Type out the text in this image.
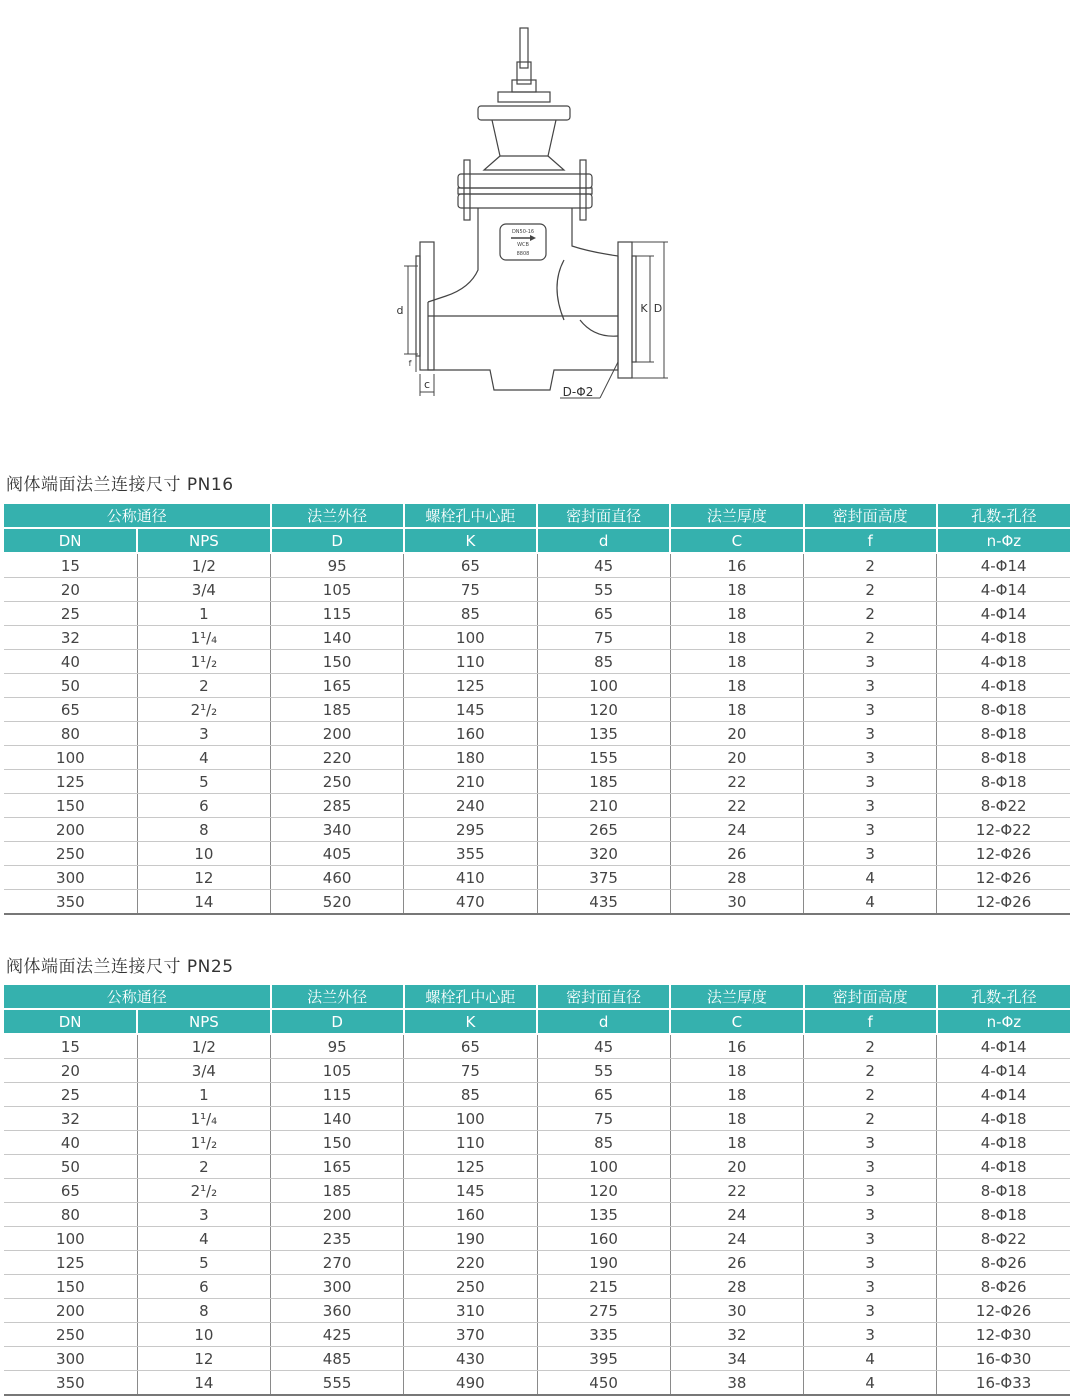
DN50-16
WCB
8808
d
f
c
K D
D-Φ2
阀体端面法兰连接尺寸 PN16
公称通径		法兰外径	螺栓孔中心距	密封面直径	法兰厚度	密封面高度	孔数-孔径
DN	NPS	D	K	d	C	f	n-Φz
15	1/2	95	65	45	16	2	4-Φ14
20	3/4	105	75	55	18	2	4-Φ14
25	1	115	85	65	18	2	4-Φ14
32	1¹/₄	140	100	75	18	2	4-Φ18
40	1¹/₂	150	110	85	18	3	4-Φ18
50	2	165	125	100	18	3	4-Φ18
65	2¹/₂	185	145	120	18	3	8-Φ18
80	3	200	160	135	20	3	8-Φ18
100	4	220	180	155	20	3	8-Φ18
125	5	250	210	185	22	3	8-Φ18
150	6	285	240	210	22	3	8-Φ22
200	8	340	295	265	24	3	12-Φ22
250	10	405	355	320	26	3	12-Φ26
300	12	460	410	375	28	4	12-Φ26
350	14	520	470	435	30	4	12-Φ26
阀体端面法兰连接尺寸 PN25
公称通径		法兰外径	螺栓孔中心距	密封面直径	法兰厚度	密封面高度	孔数-孔径
DN	NPS	D	K	d	C	f	n-Φz
15	1/2	95	65	45	16	2	4-Φ14
20	3/4	105	75	55	18	2	4-Φ14
25	1	115	85	65	18	2	4-Φ14
32	1¹/₄	140	100	75	18	2	4-Φ18
40	1¹/₂	150	110	85	18	3	4-Φ18
50	2	165	125	100	20	3	4-Φ18
65	2¹/₂	185	145	120	22	3	8-Φ18
80	3	200	160	135	24	3	8-Φ18
100	4	235	190	160	24	3	8-Φ22
125	5	270	220	190	26	3	8-Φ26
150	6	300	250	215	28	3	8-Φ26
200	8	360	310	275	30	3	12-Φ26
250	10	425	370	335	32	3	12-Φ30
300	12	485	430	395	34	4	16-Φ30
350	14	555	490	450	38	4	16-Φ33
